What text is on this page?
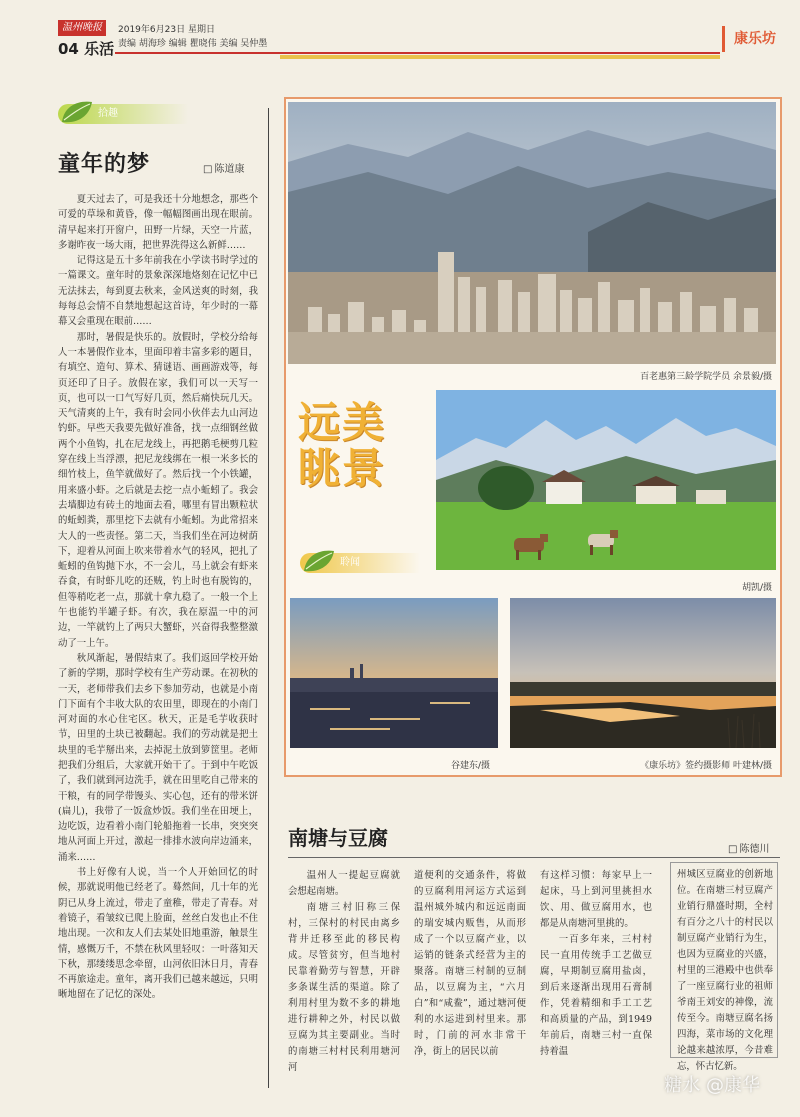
温州晚报
04 乐活
2019年6月23日 星期日
责编 胡海珍 编辑 瞿晓伟 美编 吴仲墨	康乐坊
拾趣
童年的梦	□ 陈道康

夏天过去了，可是我还十分地想念，那些个可爱的草垛和黄昏，像一幅幅图画出现在眼前。清早起来打开窗户，田野一片绿，天空一片蓝，多谢昨夜一场大雨，把世界洗得这么新鲜……

记得这是五十多年前我在小学读书时学过的一篇课文。童年时的景象深深地烙刻在记忆中已无法抹去，每到夏去秋来，金风送爽的时刻，我每每总会情不自禁地想起这首诗，年少时的一幕幕又会重现在眼前……

那时，暑假是快乐的。放假时，学校分给每人一本暑假作业本，里面印着丰富多彩的题目，有填空、造句、算术、猜谜语、画画游戏等，每页还印了日子。放假在家，我们可以一天写一页，也可以一口气写好几页，然后痛快玩几天。天气清爽的上午，我有时会同小伙伴去九山河边钓虾。早些天我要先做好准备，找一点细钢丝做两个小鱼钩，扎在尼龙线上，再把鹅毛梗剪几粒穿在线上当浮漂，把尼龙线绑在一根一米多长的细竹枝上，鱼竿就做好了。然后找一个小铁罐，用来盛小虾。之后就是去挖一点小蚯蚓了。我会去墙脚边有砖土的地面去看，哪里有冒出颗粒状的蚯蚓粪，那里挖下去就有小蚯蚓。为此常招来大人的一些责怪。第二天，当我们坐在河边树荫下，迎着从河面上吹来带着水气的轻风，把扎了蚯蚓的鱼钩抛下水，不一会儿，马上就会有虾来吞食，有时虾儿吃的还贼，钓上时也有脱钩的，但等稍吃老一点，那就十拿九稳了。一般一个上午也能钓半罐子虾。有次，我在原温一中的河边，一竿就钓上了两只大蟹虾，兴奋得我整整激动了一上午。

秋风渐起，暑假结束了。我们返回学校开始了新的学期，那时学校有生产劳动课。在初秋的一天，老师带我们去乡下参加劳动，也就是小南门下面有个丰收大队的农田里，即现在的小南门河对面的水心住宅区。秋天，正是毛芋收获时节，田里的土块已被翻起。我们的劳动就是把土块里的毛芋掰出来，去掉泥土放到箩筐里。老师把我们分组后，大家就开始干了。于到中午吃饭了，我们就到河边洗手，就在田里吃自己带来的干粮，有的同学带馒头、实心包，还有的带米饼(扁儿)，我带了一饭盒炒饭。我们坐在田埂上，边吃饭，边看着小南门轮船拖着一长串，突突突地从河面上开过，激起一排排水波向岸边涌来，涌来……

书上好像有人说，当一个人开始回忆的时候，那就说明他已经老了。蓦然间，几十年的光阴已从身上流过，带走了童稚，带走了青春。对着镜子，看皱纹已爬上脸面，丝丝白发也止不住地出现。一次和友人们去某处旧地重游，触景生情，感慨万千，不禁在秋风里轻叹：一叶落知天下秋，那缕缕思念牵留，山河依旧沐日月，青春不再旅途走。童年，离开我们已越来越远，只明晰地留在了记忆的深处。

百老惠第三龄学院学员 余景毅/摄
远美
眺景
胡凯/摄
聆闻
谷建东/摄	《康乐坊》签约摄影师 叶建林/摄
南塘与豆腐	□ 陈德川

温州人一提起豆腐就会想起南塘。

南塘三村旧称三保村，三保村的村民由离乡背井迁移至此的移民构成。尽管贫穷，但当地村民靠着勤劳与智慧，开辟多条谋生活的渠道。除了利用村里为数不多的耕地进行耕种之外，村民以做豆腐为其主要副业。当时的南塘三村村民利用塘河河

道便利的交通条件，将做的豆腐利用河运方式运到温州城外城内和远远南面的瑞安城内贩售，从而形成了一个以豆腐产业，以运销的链条式经营为主的聚落。南塘三村制的豆制品，以豆腐为主，“六月白”和“咸鲞”，通过塘河便利的水运进到村里来。那时，门前的河水非常干净，街上的居民以前

有这样习惯：每家早上一起床，马上到河里挑担水饮、用、做豆腐用水，也都是从南塘河里挑的。

一百多年来，三村村民一直用传统手工艺做豆腐，早期制豆腐用盐卤，到后来逐渐出现用石膏制作，凭着精细和手工工艺和高质量的产品，到1949年前后，南塘三村一直保持着温

州城区豆腐业的创新地位。在南塘三村豆腐产业销行鼎盛时期，全村有百分之八十的村民以制豆腐产业销行为生，也因为豆腐业的兴盛，村里的三港殿中也供奉了一座豆腐行业的祖师爷南王刘安的神像，流传至今。南塘豆腐名扬四海，菜市场的文化理论越来越浓厚，今昔难忘，怀古忆新。
糖水 @康华
